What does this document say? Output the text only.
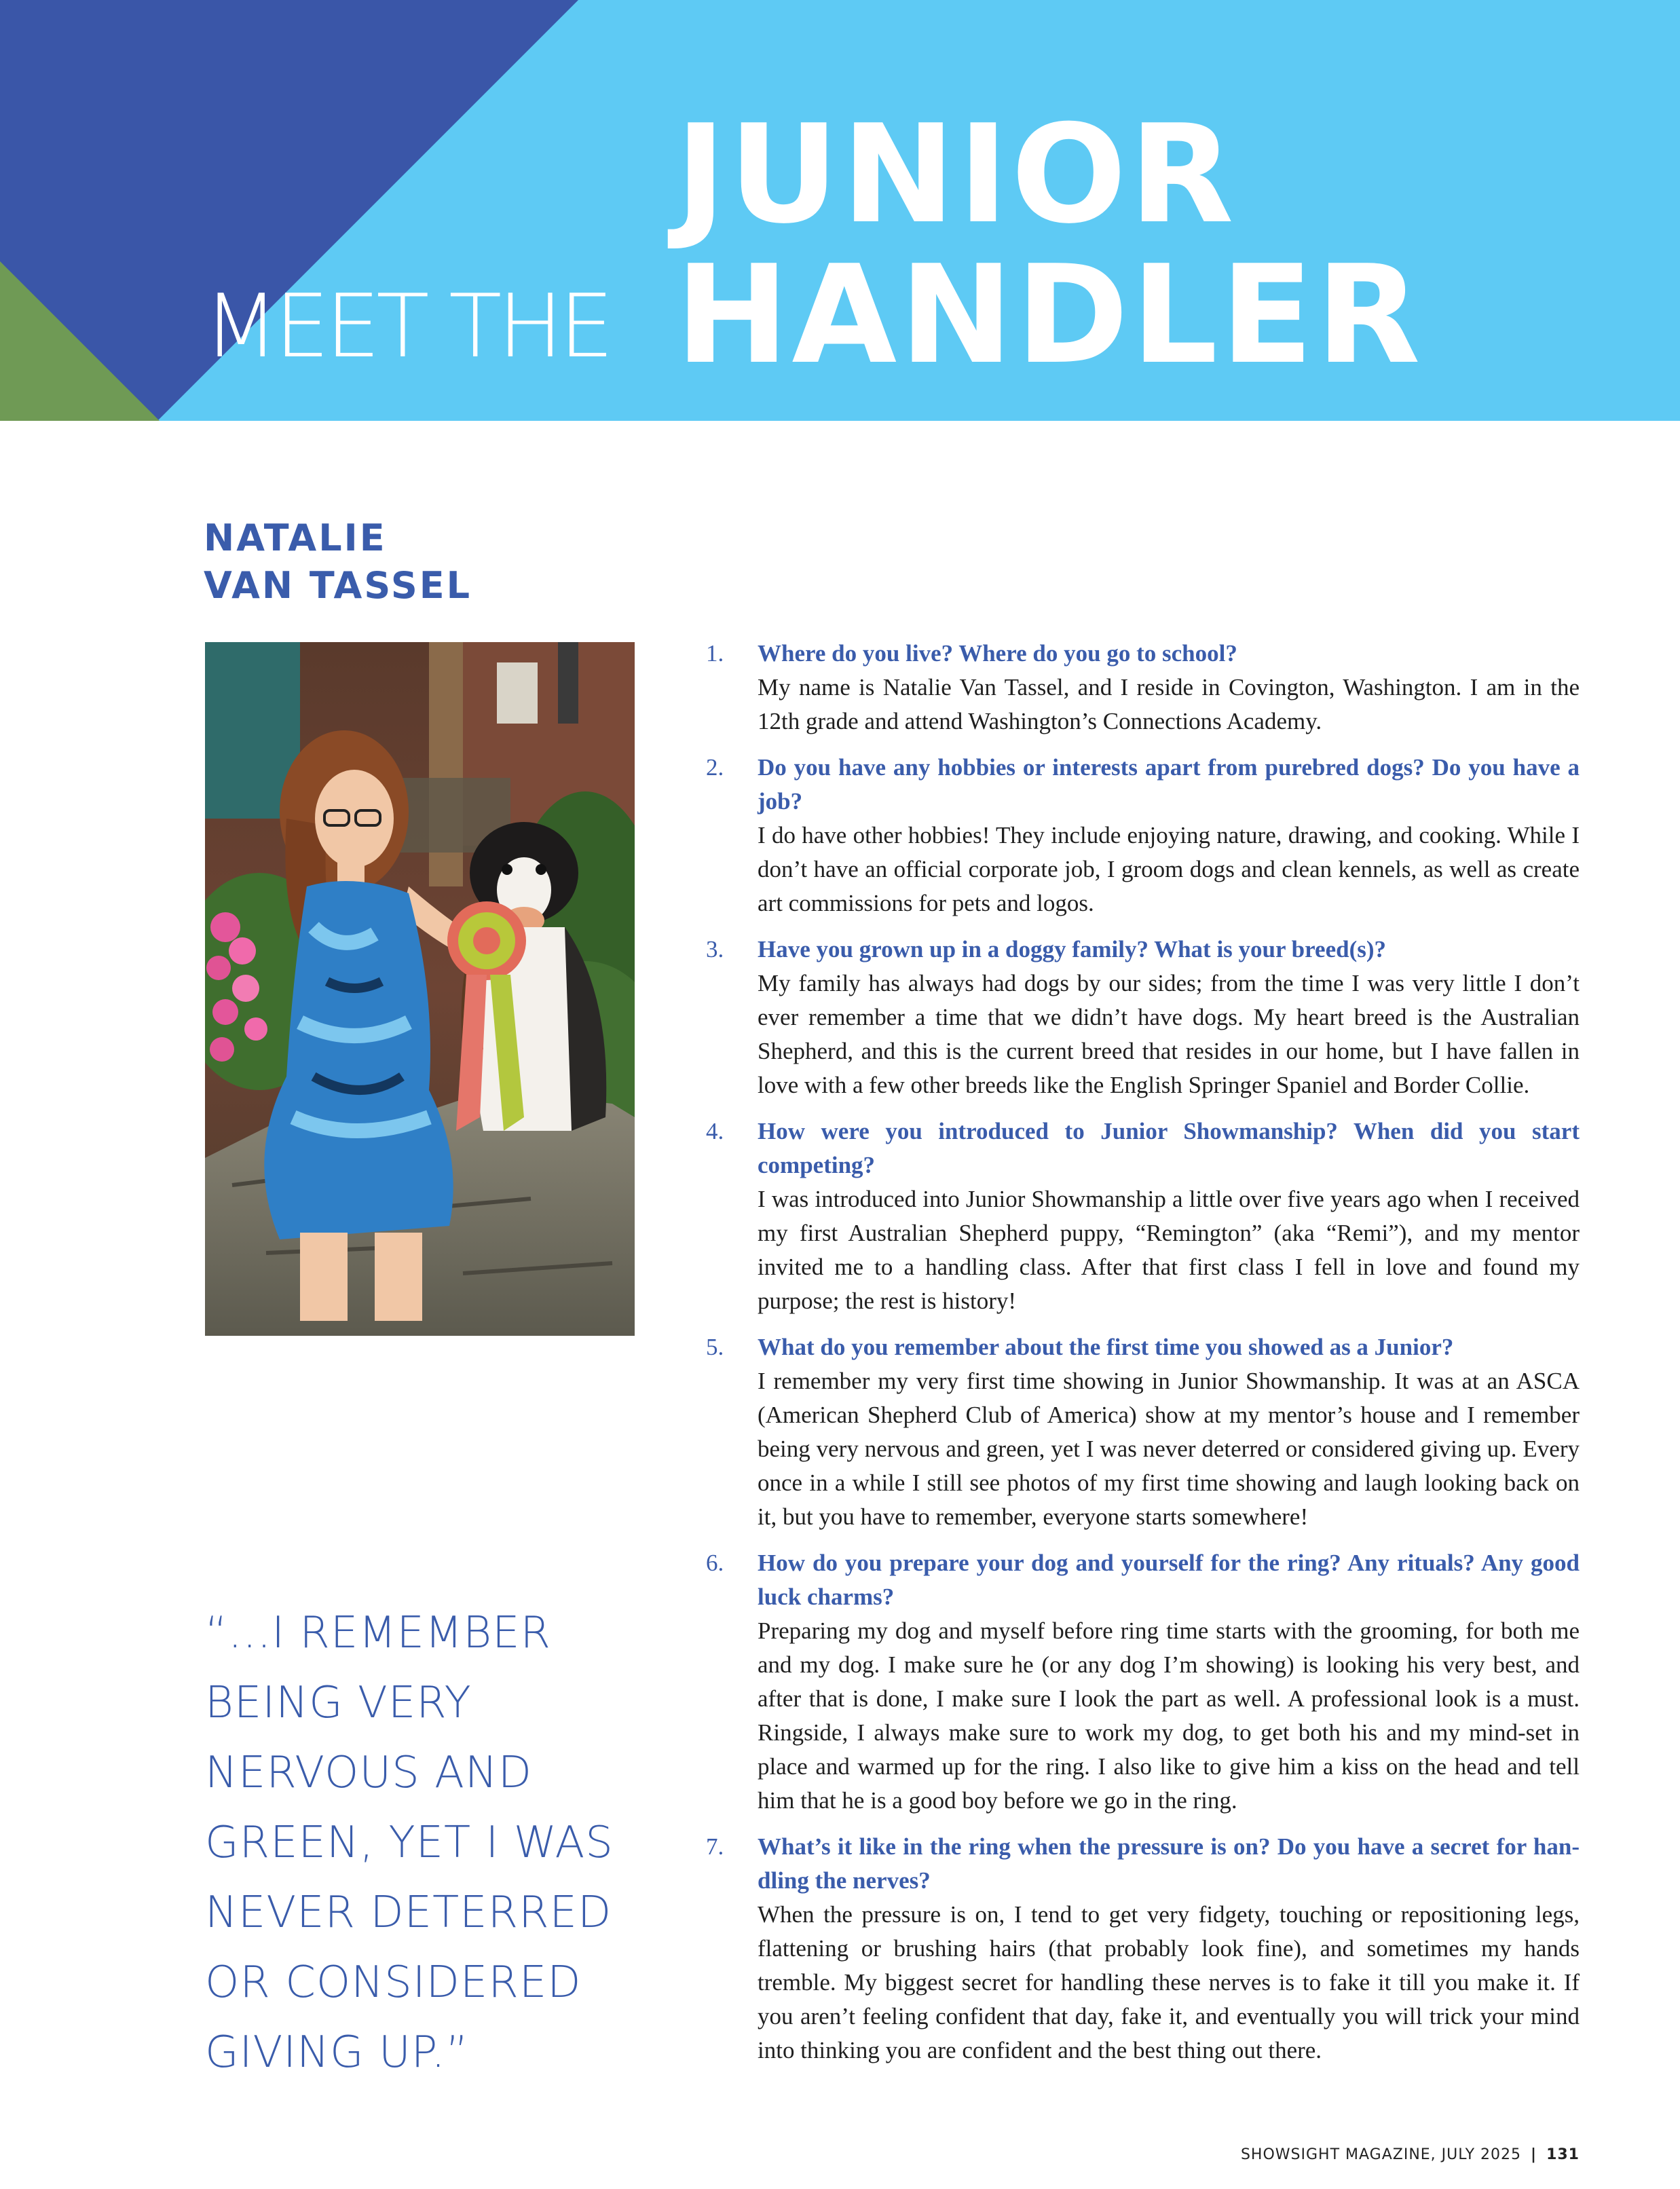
MEET THE
JUNIOR
HANDLER
NATALIE
VAN TASSEL
“...I REMEMBER BEING VERY NERVOUS AND GREEN, YET I WAS NEVER DETERRED OR CONSIDERED GIVING UP.”
1. Where do you live? Where do you go to school?
My name is Natalie Van Tassel, and I reside in Covington, Washington. I am in the 12th grade and attend Washington’s Connections Academy.
2. Do you have any hobbies or interests apart from purebred dogs? Do you have a job?
I do have other hobbies! They include enjoying nature, drawing, and cooking. While I don’t have an official corporate job, I groom dogs and clean kennels, as well as create art commissions for pets and logos.
3. Have you grown up in a doggy family? What is your breed(s)?
My family has always had dogs by our sides; from the time I was very little I don’t ever remember a time that we didn’t have dogs. My heart breed is the Australian Shepherd, and this is the current breed that resides in our home, but I have fallen in love with a few other breeds like the English Springer Spaniel and Border Collie.
4. How were you introduced to Junior Showmanship? When did you start competing?
I was introduced into Junior Showmanship a little over five years ago when I received my first Australian Shepherd puppy, “Remington” (aka “Remi”), and my mentor invited me to a handling class. After that first class I fell in love and found my purpose; the rest is history!
5. What do you remember about the first time you showed as a Junior?
I remember my very first time showing in Junior Showmanship. It was at an ASCA (American Shepherd Club of America) show at my mentor’s house and I remember being very nervous and green, yet I was never deterred or considered giving up. Every once in a while I still see photos of my first time showing and laugh looking back on it, but you have to remember, everyone starts somewhere!
6. How do you prepare your dog and yourself for the ring? Any rituals? Any good luck charms?
Preparing my dog and myself before ring time starts with the grooming, for both me and my dog. I make sure he (or any dog I’m showing) is looking his very best, and after that is done, I make sure I look the part as well. A professional look is a must. Ringside, I always make sure to work my dog, to get both his and my mind-set in place and warmed up for the ring. I also like to give him a kiss on the head and tell him that he is a good boy before we go in the ring.
7. What’s it like in the ring when the pressure is on? Do you have a secret for han-dling the nerves?
When the pressure is on, I tend to get very fidgety, touching or repositioning legs, flattening or brushing hairs (that probably look fine), and sometimes my hands tremble. My biggest secret for handling these nerves is to fake it till you make it. If you aren’t feeling confident that day, fake it, and eventually you will trick your mind into thinking you are confident and the best thing out there.
SHOWSIGHT MAGAZINE, JULY 2025 | 131
